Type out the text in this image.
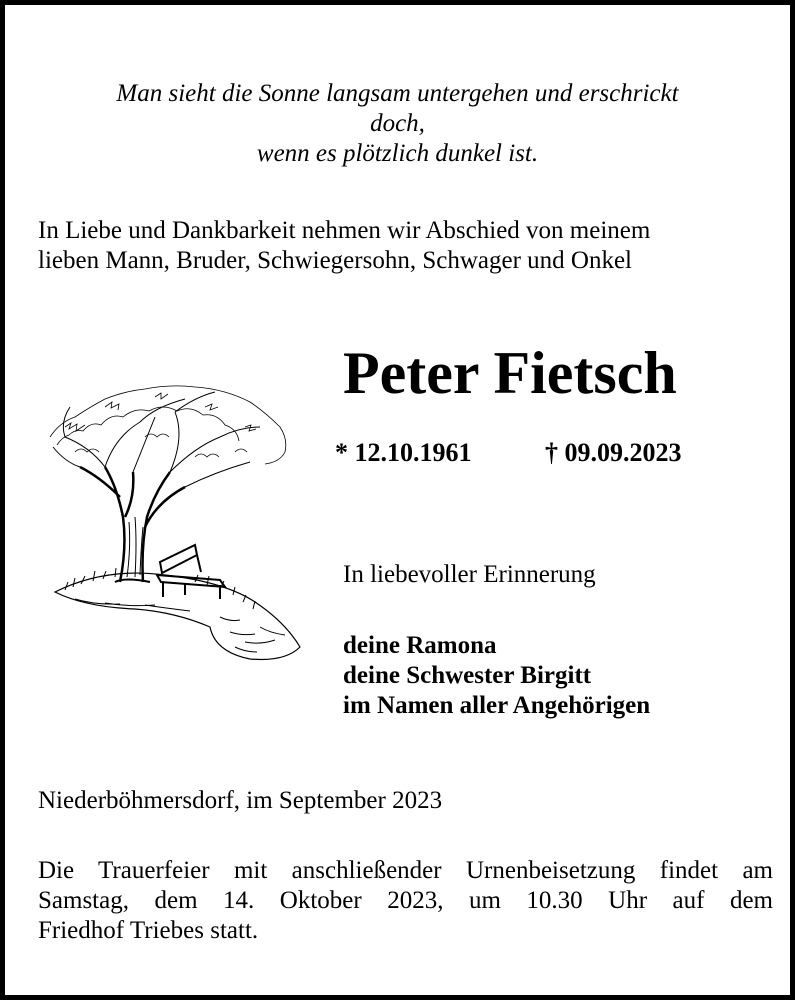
Man sieht die Sonne langsam untergehen und erschrickt
doch,
wenn es plötzlich dunkel ist.
In Liebe und Dankbarkeit nehmen wir Abschied von meinem
lieben Mann, Bruder, Schwiegersohn, Schwager und Onkel
Peter Fietsch
* 12.10.1961	† 09.09.2023
In liebevoller Erinnerung
deine Ramona
deine Schwester Birgitt
im Namen aller Angehörigen
Niederböhmersdorf, im September 2023
Die Trauerfeier mit anschließender Urnenbeisetzung findet am
Samstag, dem 14. Oktober 2023, um 10.30 Uhr auf dem
Friedhof Triebes statt.
